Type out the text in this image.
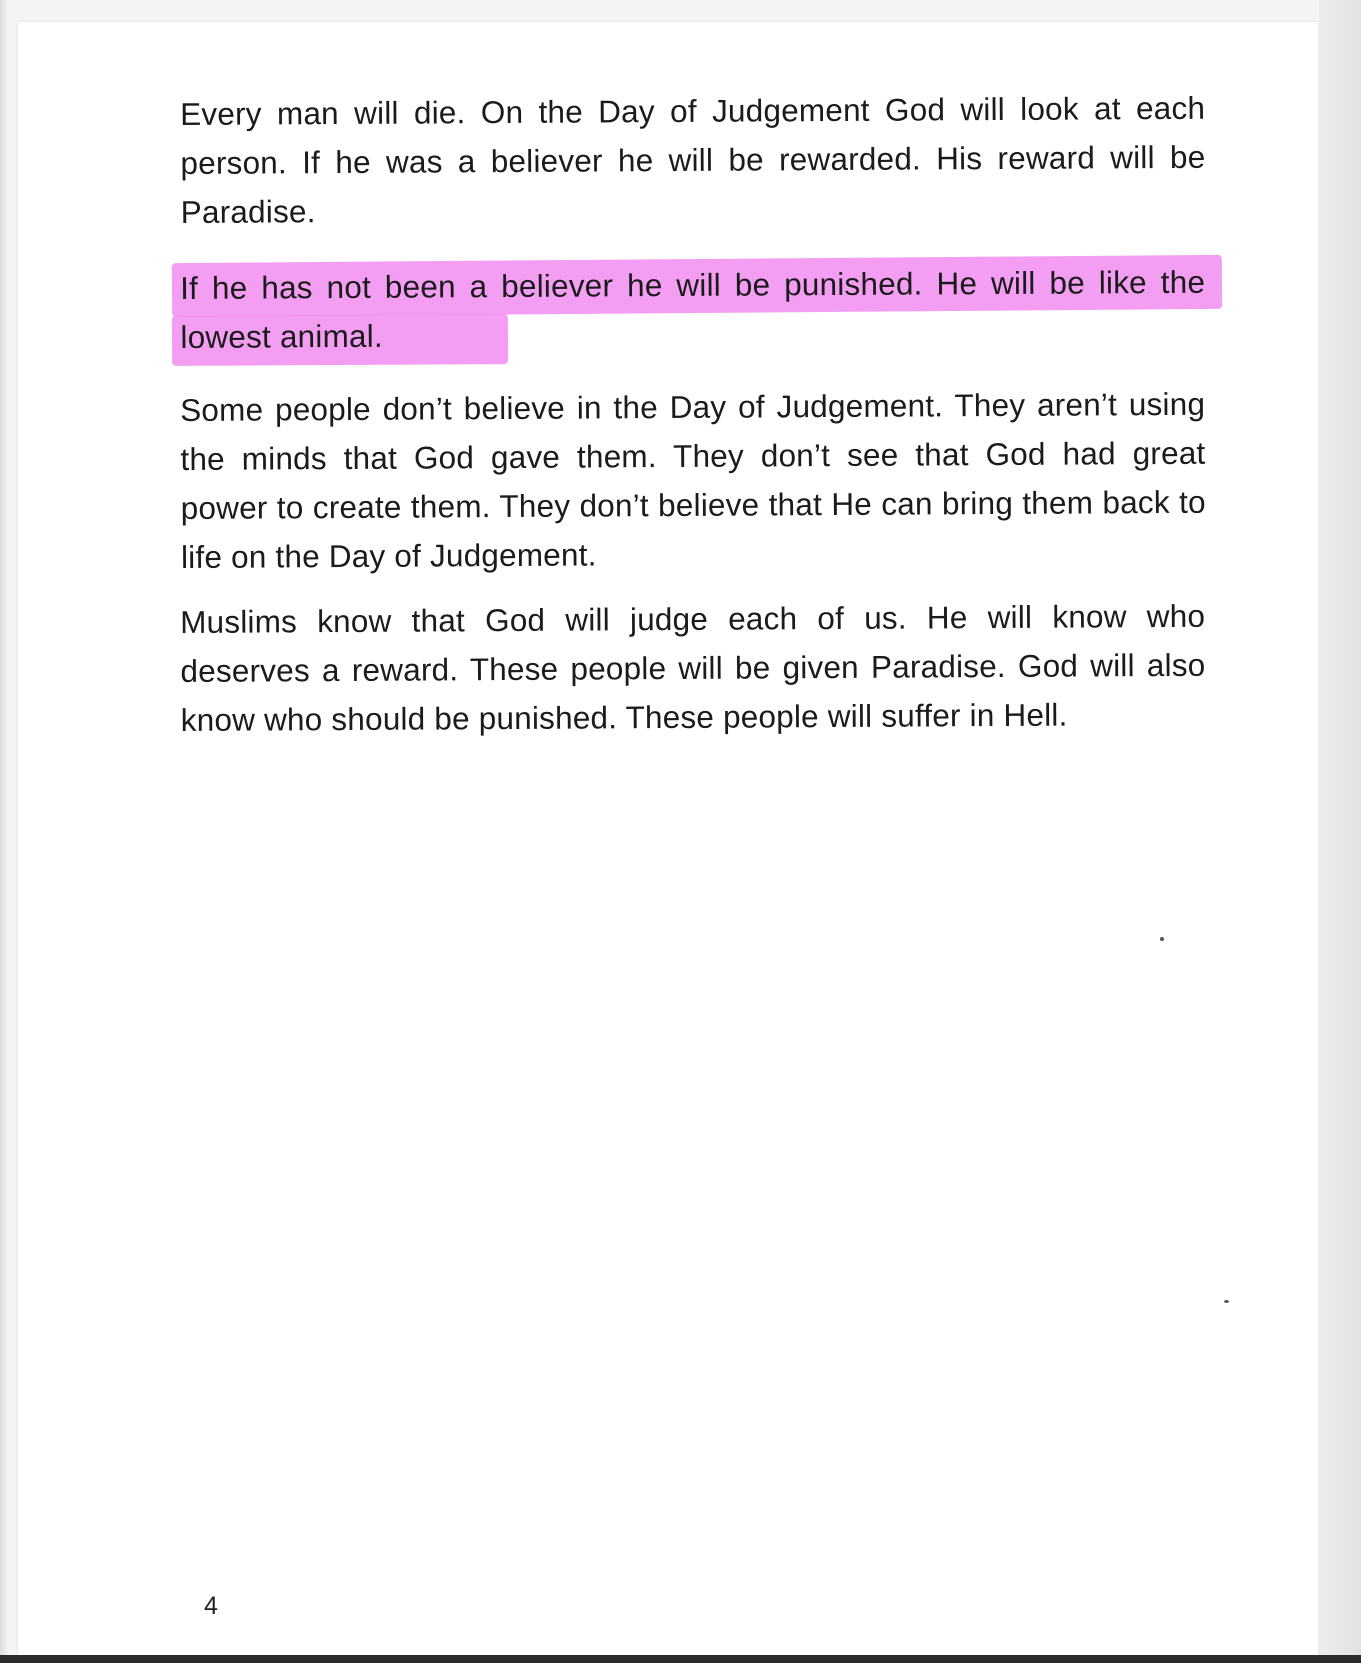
Every man will die. On the Day of Judgement God will look at each person. If he was a believer he will be rewarded. His reward will be Paradise.

If he has not been a believer he will be punished. He will be like the lowest animal.

Some people don’t believe in the Day of Judgement. They aren’t using the minds that God gave them. They don’t see that God had great power to create them. They don’t believe that He can bring them back to life on the Day of Judgement.

Muslims know that God will judge each of us. He will know who deserves a reward. These people will be given Paradise. God will also know who should be punished. These people will suffer in Hell.

4
